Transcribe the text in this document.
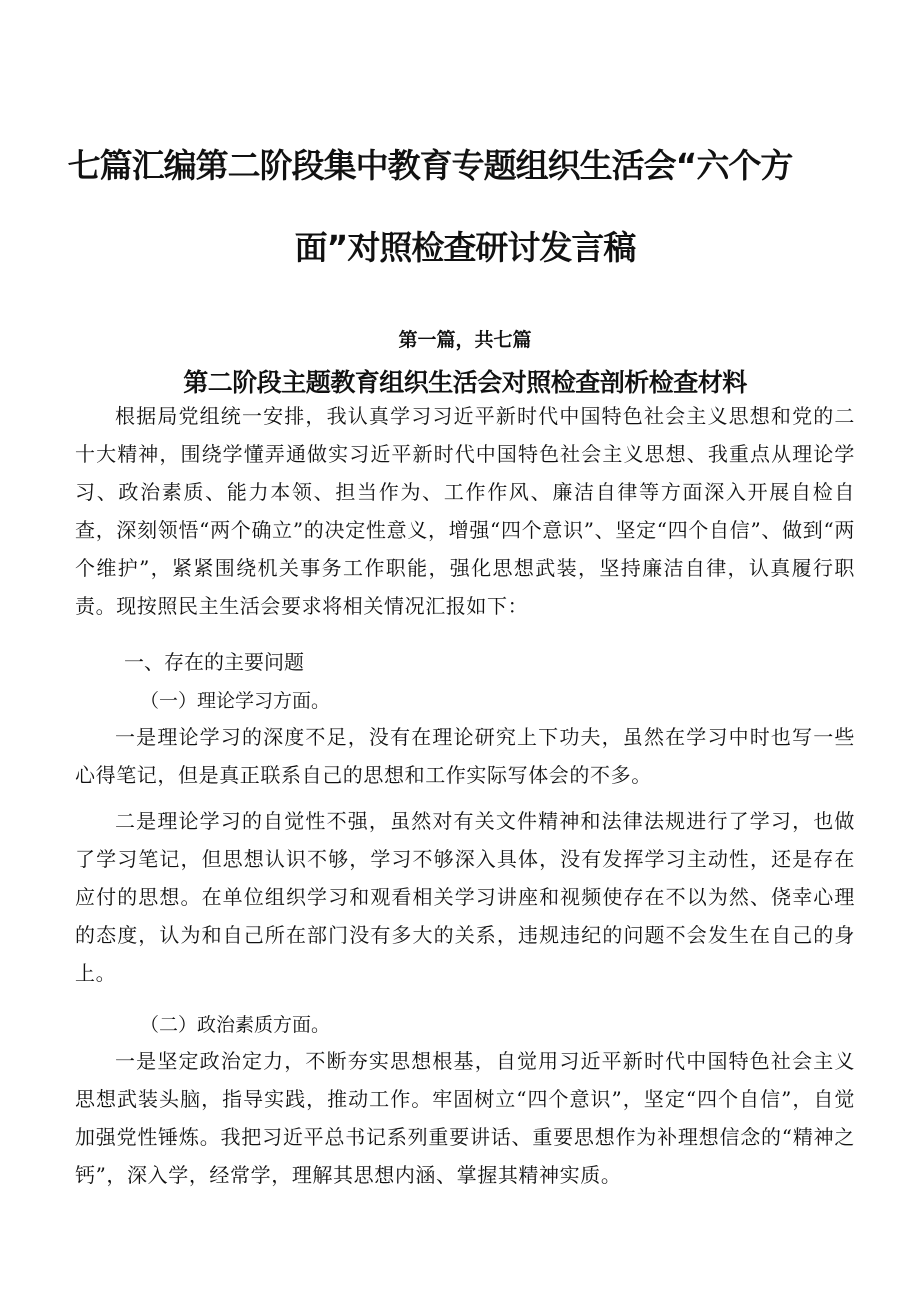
七篇汇编第二阶段集中教育专题组织生活会“六个方
面”对照检查研讨发言稿
第一篇，共七篇
第二阶段主题教育组织生活会对照检查剖析检查材料

根据局党组统一安排，我认真学习习近平新时代中国特色社会主义思想和党的二十大精神，围绕学懂弄通做实习近平新时代中国特色社会主义思想、我重点从理论学习、政治素质、能力本领、担当作为、工作作风、廉洁自律等方面深入开展自检自查，深刻领悟“两个确立”的决定性意义，增强“四个意识”、坚定“四个自信”、做到“两个维护”，紧紧围绕机关事务工作职能，强化思想武装，坚持廉洁自律，认真履行职责。现按照民主生活会要求将相关情况汇报如下：

一、存在的主要问题
（一）理论学习方面。

一是理论学习的深度不足，没有在理论研究上下功夫，虽然在学习中时也写一些心得笔记，但是真正联系自己的思想和工作实际写体会的不多。

二是理论学习的自觉性不强，虽然对有关文件精神和法律法规进行了学习，也做了学习笔记，但思想认识不够，学习不够深入具体，没有发挥学习主动性，还是存在应付的思想。在单位组织学习和观看相关学习讲座和视频使存在不以为然、侥幸心理的态度，认为和自己所在部门没有多大的关系，违规违纪的问题不会发生在自己的身上。

（二）政治素质方面。

一是坚定政治定力，不断夯实思想根基，自觉用习近平新时代中国特色社会主义思想武装头脑，指导实践，推动工作。牢固树立“四个意识”，坚定“四个自信”，自觉加强党性锤炼。我把习近平总书记系列重要讲话、重要思想作为补理想信念的“精神之钙”，深入学，经常学，理解其思想内涵、掌握其精神实质。
